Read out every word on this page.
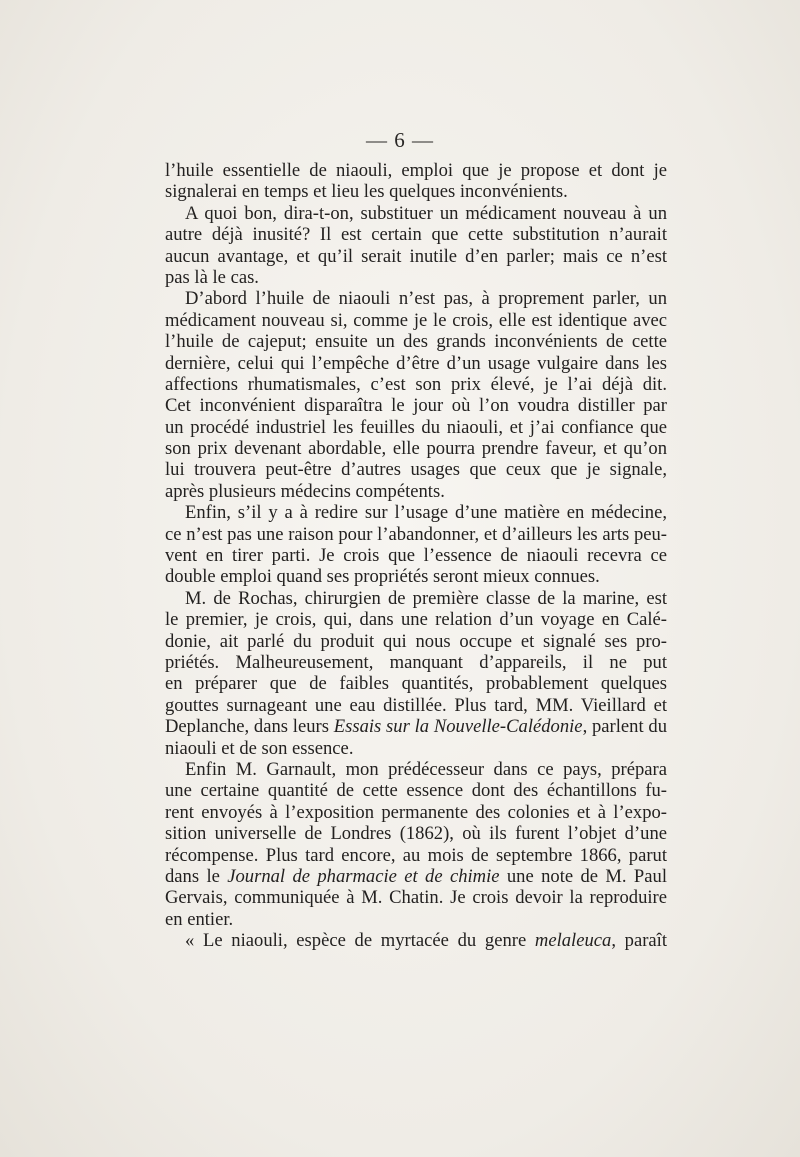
— 6 —
l’huile essentielle de niaouli, emploi que je propose et dont je
signalerai en temps et lieu les quelques inconvénients.
A quoi bon, dira-t-on, substituer un médicament nouveau à un
autre déjà inusité? Il est certain que cette substitution n’aurait
aucun avantage, et qu’il serait inutile d’en parler; mais ce n’est
pas là le cas.
D’abord l’huile de niaouli n’est pas, à proprement parler, un
médicament nouveau si, comme je le crois, elle est identique avec
l’huile de cajeput; ensuite un des grands inconvénients de cette
dernière, celui qui l’empêche d’être d’un usage vulgaire dans les
affections rhumatismales, c’est son prix élevé, je l’ai déjà dit.
Cet inconvénient disparaîtra le jour où l’on voudra distiller par
un procédé industriel les feuilles du niaouli, et j’ai confiance que
son prix devenant abordable, elle pourra prendre faveur, et qu’on
lui trouvera peut-être d’autres usages que ceux que je signale,
après plusieurs médecins compétents.
Enfin, s’il y a à redire sur l’usage d’une matière en médecine,
ce n’est pas une raison pour l’abandonner, et d’ailleurs les arts peu-
vent en tirer parti. Je crois que l’essence de niaouli recevra ce
double emploi quand ses propriétés seront mieux connues.
M. de Rochas, chirurgien de première classe de la marine, est
le premier, je crois, qui, dans une relation d’un voyage en Calé-
donie, ait parlé du produit qui nous occupe et signalé ses pro-
priétés. Malheureusement, manquant d’appareils, il ne put
en préparer que de faibles quantités, probablement quelques
gouttes surnageant une eau distillée. Plus tard, MM. Vieillard et
Deplanche, dans leurs Essais sur la Nouvelle-Calédonie, parlent du
niaouli et de son essence.
Enfin M. Garnault, mon prédécesseur dans ce pays, prépara
une certaine quantité de cette essence dont des échantillons fu-
rent envoyés à l’exposition permanente des colonies et à l’expo-
sition universelle de Londres (1862), où ils furent l’objet d’une
récompense. Plus tard encore, au mois de septembre 1866, parut
dans le Journal de pharmacie et de chimie une note de M. Paul
Gervais, communiquée à M. Chatin. Je crois devoir la reproduire
en entier.
« Le niaouli, espèce de myrtacée du genre melaleuca, paraît
